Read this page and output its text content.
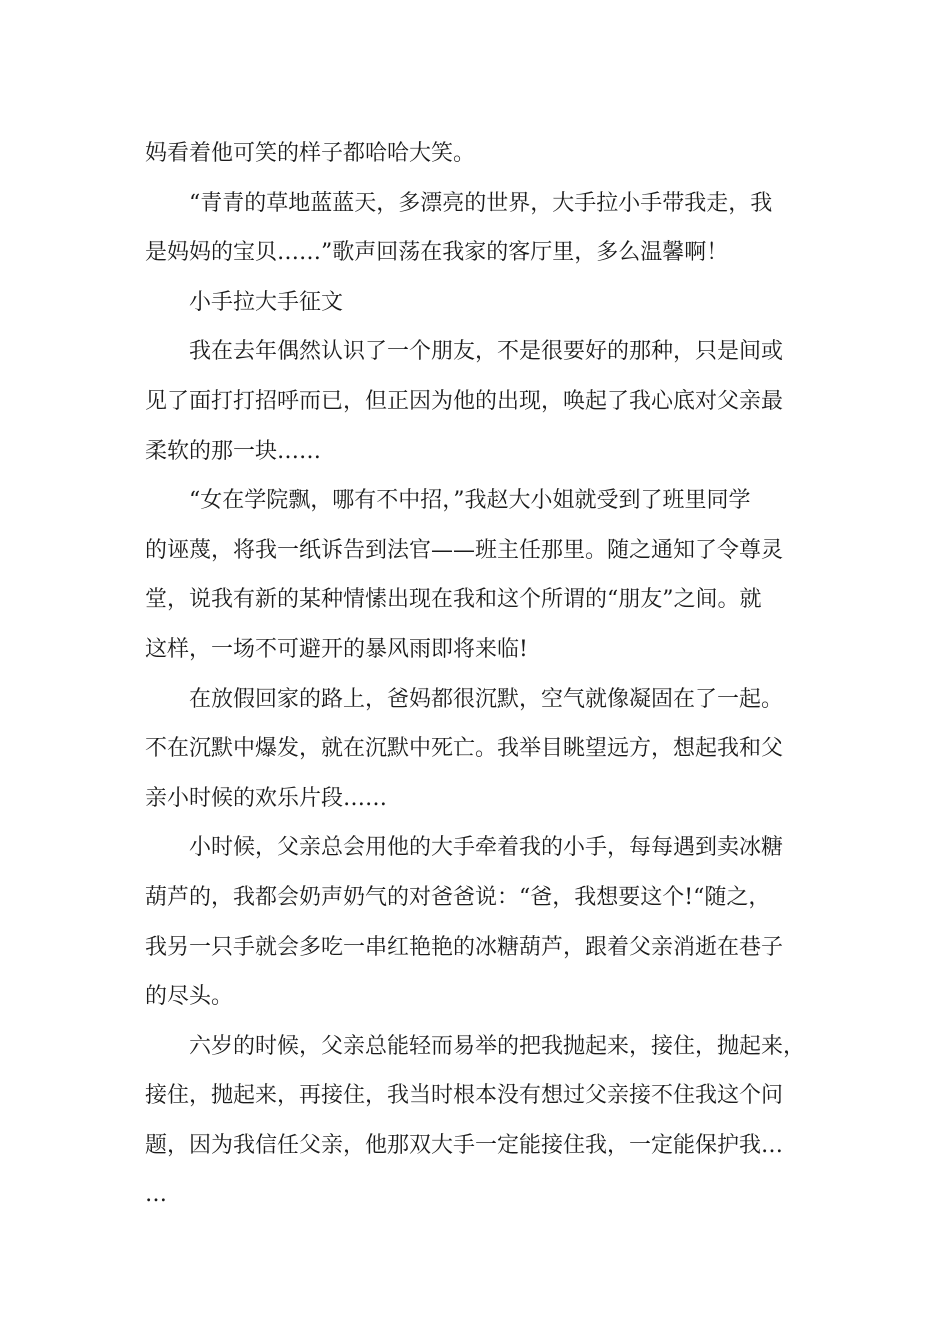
妈看着他可笑的样子都哈哈大笑。
“青青的草地蓝蓝天，多漂亮的世界，大手拉小手带我走，我
是妈妈的宝贝……”歌声回荡在我家的客厅里，多么温馨啊！
小手拉大手征文
我在去年偶然认识了一个朋友，不是很要好的那种，只是间或
见了面打打招呼而已，但正因为他的出现，唤起了我心底对父亲最
柔软的那一块……
“女在学院飘，哪有不中招，”我赵大小姐就受到了班里同学
的诬蔑，将我一纸诉告到法官——班主任那里。随之通知了令尊灵
堂，说我有新的某种情愫出现在我和这个所谓的“朋友”之间。就
这样，一场不可避开的暴风雨即将来临!
在放假回家的路上，爸妈都很沉默，空气就像凝固在了一起。
不在沉默中爆发，就在沉默中死亡。我举目眺望远方，想起我和父
亲小时候的欢乐片段……
小时候，父亲总会用他的大手牵着我的小手，每每遇到卖冰糖
葫芦的，我都会奶声奶气的对爸爸说：“爸，我想要这个!“随之，
我另一只手就会多吃一串红艳艳的冰糖葫芦，跟着父亲消逝在巷子
的尽头。
六岁的时候，父亲总能轻而易举的把我抛起来，接住，抛起来，
接住，抛起来，再接住，我当时根本没有想过父亲接不住我这个问
题，因为我信任父亲，他那双大手一定能接住我，一定能保护我…
…
